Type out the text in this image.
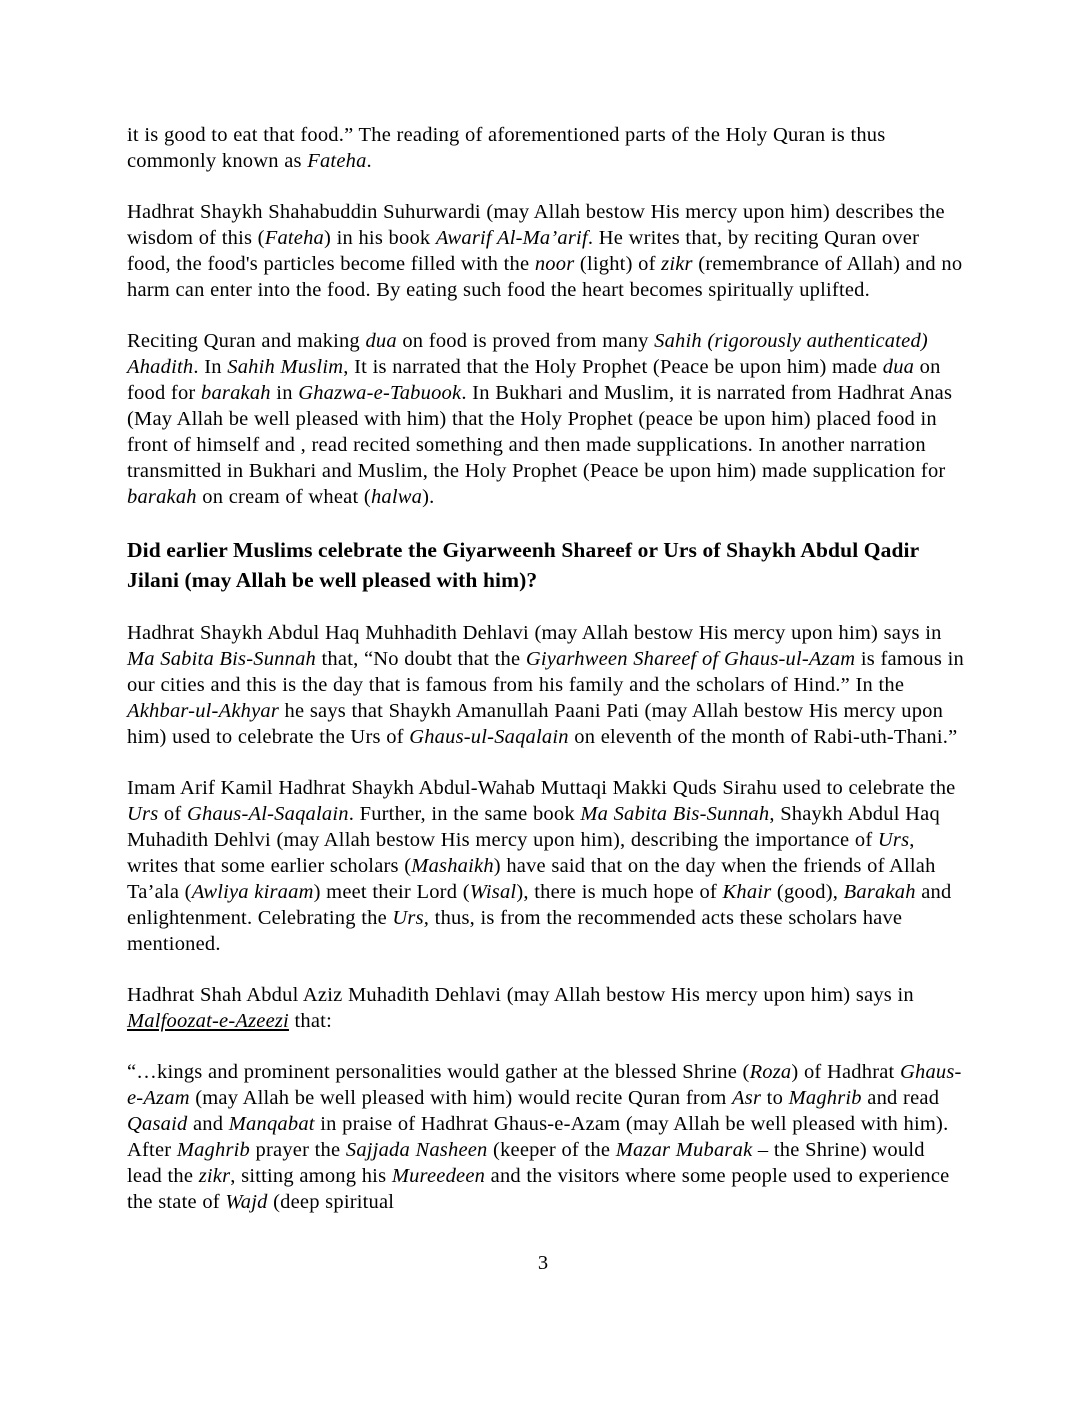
it is good to eat that food.” The reading of aforementioned parts of the Holy Quran is thus commonly known as Fateha.

Hadhrat Shaykh Shahabuddin Suhurwardi (may Allah bestow His mercy upon him) describes the wisdom of this (Fateha) in his book Awarif Al-Ma’arif. He writes that, by reciting Quran over food, the food's particles become filled with the noor (light) of zikr (remembrance of Allah) and no harm can enter into the food. By eating such food the heart becomes spiritually uplifted.

Reciting Quran and making dua on food is proved from many Sahih (rigorously authenticated) Ahadith. In Sahih Muslim, It is narrated that the Holy Prophet (Peace be upon him) made dua on food for barakah in Ghazwa-e-Tabuook. In Bukhari and Muslim, it is narrated from Hadhrat Anas (May Allah be well pleased with him) that the Holy Prophet (peace be upon him) placed food in front of himself and , read recited something and then made supplications. In another narration transmitted in Bukhari and Muslim, the Holy Prophet (Peace be upon him) made supplication for barakah on cream of wheat (halwa).

Did earlier Muslims celebrate the Giyarweenh Shareef or Urs of Shaykh Abdul Qadir Jilani (may Allah be well pleased with him)?

Hadhrat Shaykh Abdul Haq Muhhadith Dehlavi (may Allah bestow His mercy upon him) says in Ma Sabita Bis-Sunnah that, “No doubt that the Giyarhween Shareef of Ghaus-ul-Azam is famous in our cities and this is the day that is famous from his family and the scholars of Hind.” In the Akhbar-ul-Akhyar he says that Shaykh Amanullah Paani Pati (may Allah bestow His mercy upon him) used to celebrate the Urs of Ghaus-ul-Saqalain on eleventh of the month of Rabi-uth-Thani.”

Imam Arif Kamil Hadhrat Shaykh Abdul-Wahab Muttaqi Makki Quds Sirahu used to celebrate the Urs of Ghaus-Al-Saqalain. Further, in the same book Ma Sabita Bis-Sunnah, Shaykh Abdul Haq Muhadith Dehlvi (may Allah bestow His mercy upon him), describing the importance of Urs, writes that some earlier scholars (Mashaikh) have said that on the day when the friends of Allah Ta’ala (Awliya kiraam) meet their Lord (Wisal), there is much hope of Khair (good), Barakah and enlightenment. Celebrating the Urs, thus, is from the recommended acts these scholars have mentioned.

Hadhrat Shah Abdul Aziz Muhadith Dehlavi (may Allah bestow His mercy upon him) says in Malfoozat-e-Azeezi that:

“…kings and prominent personalities would gather at the blessed Shrine (Roza) of Hadhrat Ghaus-e-Azam (may Allah be well pleased with him) would recite Quran from Asr to Maghrib and read Qasaid and Manqabat in praise of Hadhrat Ghaus-e-Azam (may Allah be well pleased with him). After Maghrib prayer the Sajjada Nasheen (keeper of the Mazar Mubarak – the Shrine) would lead the zikr, sitting among his Mureedeen and the visitors where some people used to experience the state of Wajd (deep spiritual

3
